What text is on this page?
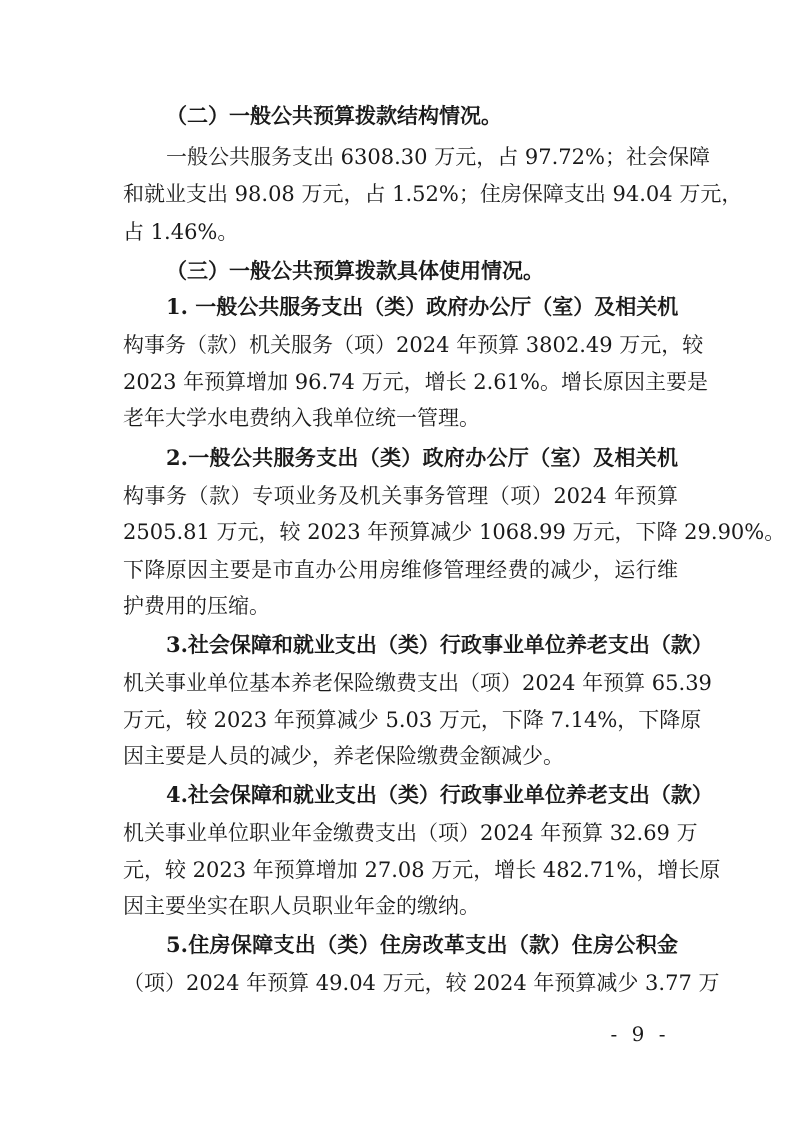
（二）一般公共预算拨款结构情况。
一般公共服务支出 6308.30 万元，占 97.72%；社会保障
和就业支出 98.08 万元，占 1.52%；住房保障支出 94.04 万元，
占 1.46%。
（三）一般公共预算拨款具体使用情况。
1. 一般公共服务支出（类）政府办公厅（室）及相关机
构事务（款）机关服务（项）2024 年预算 3802.49 万元，较
2023 年预算增加 96.74 万元，增长 2.61%。增长原因主要是
老年大学水电费纳入我单位统一管理。
2.一般公共服务支出（类）政府办公厅（室）及相关机
构事务（款）专项业务及机关事务管理（项）2024 年预算
2505.81 万元，较 2023 年预算减少 1068.99 万元，下降 29.90%。
下降原因主要是市直办公用房维修管理经费的减少，运行维
护费用的压缩。
3.社会保障和就业支出（类）行政事业单位养老支出（款）
机关事业单位基本养老保险缴费支出（项）2024 年预算 65.39
万元，较 2023 年预算减少 5.03 万元，下降 7.14%，下降原
因主要是人员的减少，养老保险缴费金额减少。
4.社会保障和就业支出（类）行政事业单位养老支出（款）
机关事业单位职业年金缴费支出（项）2024 年预算 32.69 万
元，较 2023 年预算增加 27.08 万元，增长 482.71%，增长原
因主要坐实在职人员职业年金的缴纳。
5.住房保障支出（类）住房改革支出（款）住房公积金
（项）2024 年预算 49.04 万元，较 2024 年预算减少 3.77 万
- 9 -
